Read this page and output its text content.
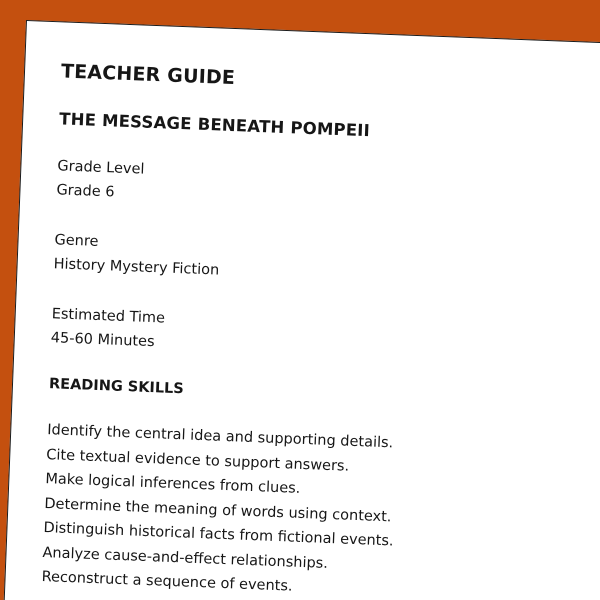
TEACHER GUIDE
THE MESSAGE BENEATH POMPEII
Grade Level
Grade 6
Genre
History Mystery Fiction
Estimated Time
45-60 Minutes
READING SKILLS
Identify the central idea and supporting details.
Cite textual evidence to support answers.
Make logical inferences from clues.
Determine the meaning of words using context.
Distinguish historical facts from fictional events.
Analyze cause-and-effect relationships.
Reconstruct a sequence of events.
